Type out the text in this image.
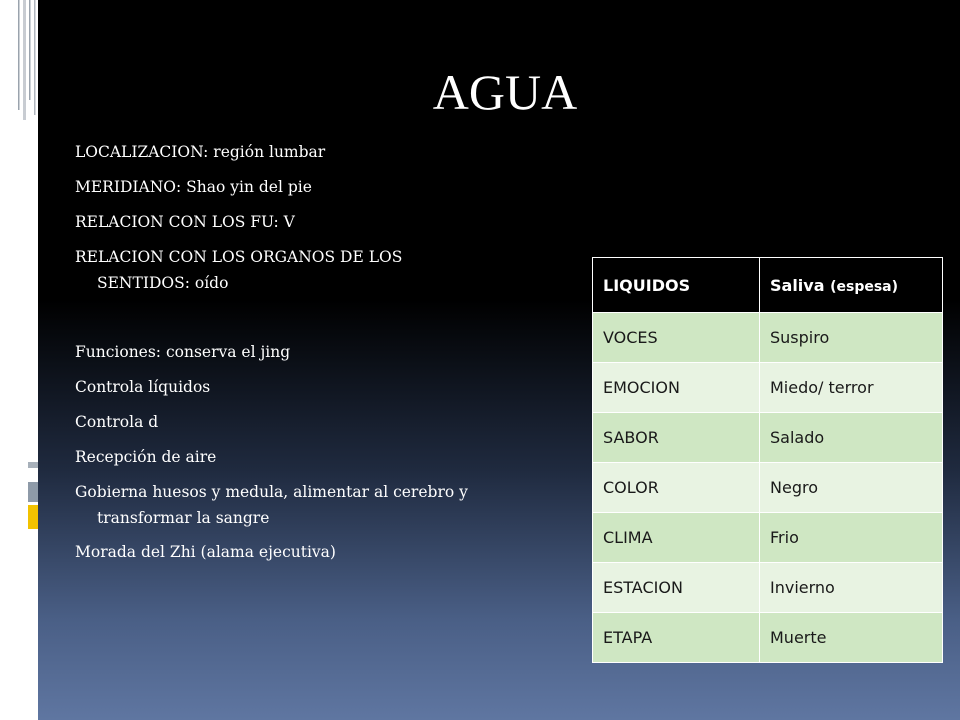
AGUA
LOCALIZACION: región lumbar
MERIDIANO: Shao yin del pie
RELACION CON LOS FU: V
RELACION CON LOS ORGANOS DE LOS
SENTIDOS: oído
Funciones: conserva el jing
Controla líquidos
Controla d
Recepción de aire
Gobierna huesos y medula, alimentar al cerebro y
transformar la sangre
Morada del Zhi (alama ejecutiva)
LIQUIDOS	Saliva (espesa)
VOCES	Suspiro
EMOCION	Miedo/ terror
SABOR	Salado
COLOR	Negro
CLIMA	Frio
ESTACION	Invierno
ETAPA	Muerte
